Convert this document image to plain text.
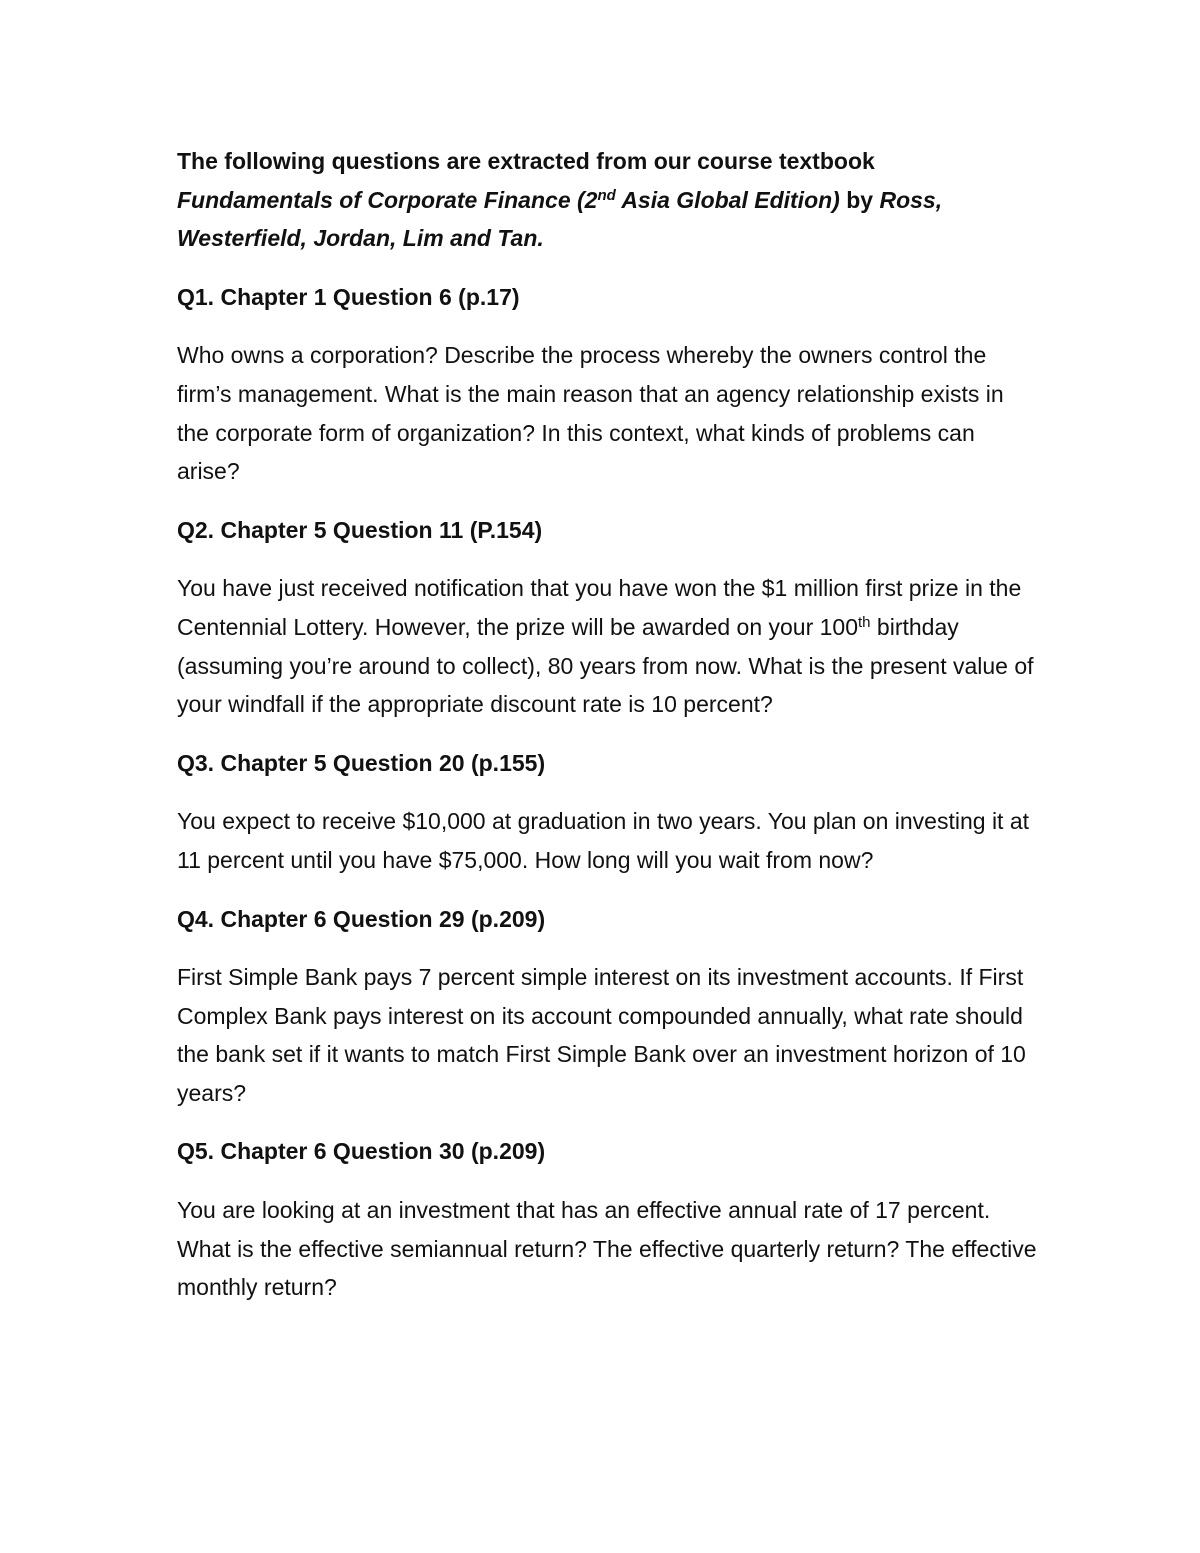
The following questions are extracted from our course textbook
Fundamentals of Corporate Finance (2nd Asia Global Edition) by Ross, Westerfield, Jordan, Lim and Tan.

Q1. Chapter 1 Question 6 (p.17)

Who owns a corporation? Describe the process whereby the owners control the firm’s management. What is the main reason that an agency relationship exists in the corporate form of organization? In this context, what kinds of problems can arise?

Q2. Chapter 5 Question 11 (P.154)

You have just received notification that you have won the $1 million first prize in the Centennial Lottery. However, the prize will be awarded on your 100th birthday (assuming you’re around to collect), 80 years from now. What is the present value of your windfall if the appropriate discount rate is 10 percent?

Q3. Chapter 5 Question 20 (p.155)

You expect to receive $10,000 at graduation in two years. You plan on investing it at 11 percent until you have $75,000. How long will you wait from now?

Q4. Chapter 6 Question 29 (p.209)

First Simple Bank pays 7 percent simple interest on its investment accounts. If First Complex Bank pays interest on its account compounded annually, what rate should the bank set if it wants to match First Simple Bank over an investment horizon of 10 years?

Q5. Chapter 6 Question 30 (p.209)

You are looking at an investment that has an effective annual rate of 17 percent. What is the effective semiannual return? The effective quarterly return? The effective monthly return?
